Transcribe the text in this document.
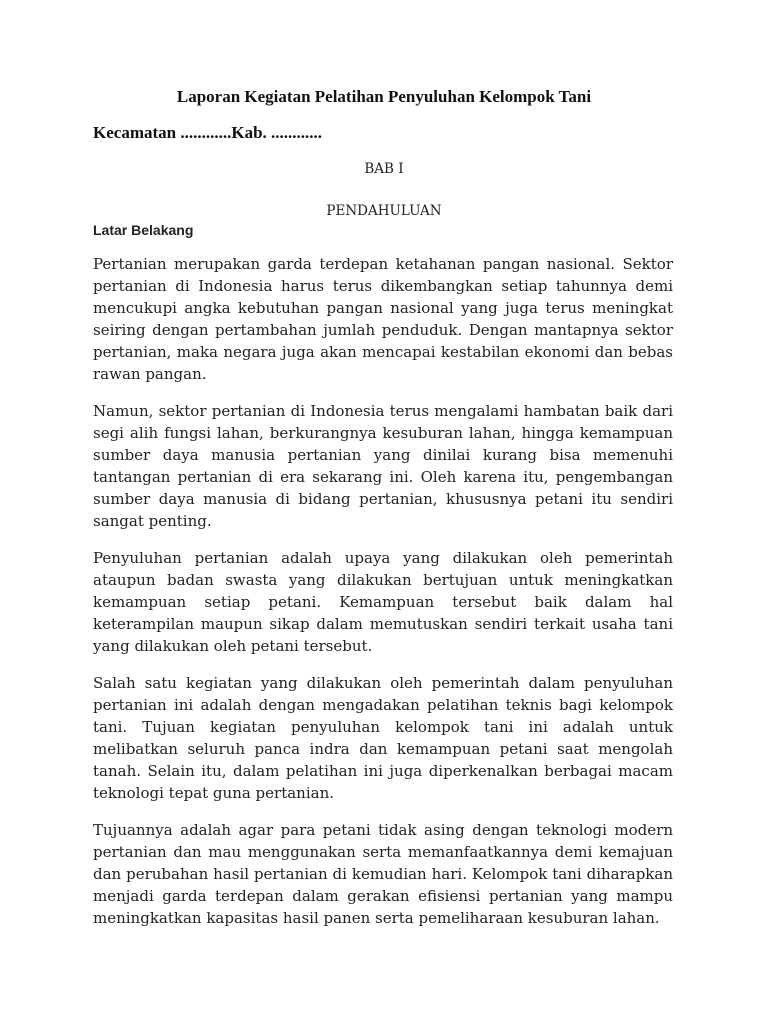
Laporan Kegiatan Pelatihan Penyuluhan Kelompok Tani
Kecamatan ............Kab. ............
BAB I
PENDAHULUAN
Latar Belakang

Pertanian merupakan garda terdepan ketahanan pangan nasional. Sektor pertanian di Indonesia harus terus dikembangkan setiap tahunnya demi mencukupi angka kebutuhan pangan nasional yang juga terus meningkat seiring dengan pertambahan jumlah penduduk. Dengan mantapnya sektor pertanian, maka negara juga akan mencapai kestabilan ekonomi dan bebas rawan pangan.

Namun, sektor pertanian di Indonesia terus mengalami hambatan baik dari segi alih fungsi lahan, berkurangnya kesuburan lahan, hingga kemampuan sumber daya manusia pertanian yang dinilai kurang bisa memenuhi tantangan pertanian di era sekarang ini. Oleh karena itu, pengembangan sumber daya manusia di bidang pertanian, khususnya petani itu sendiri sangat penting.

Penyuluhan pertanian adalah upaya yang dilakukan oleh pemerintah ataupun badan swasta yang dilakukan bertujuan untuk meningkatkan kemampuan setiap petani. Kemampuan tersebut baik dalam hal keterampilan maupun sikap dalam memutuskan sendiri terkait usaha tani yang dilakukan oleh petani tersebut.

Salah satu kegiatan yang dilakukan oleh pemerintah dalam penyuluhan pertanian ini adalah dengan mengadakan pelatihan teknis bagi kelompok tani. Tujuan kegiatan penyuluhan kelompok tani ini adalah untuk melibatkan seluruh panca indra dan kemampuan petani saat mengolah tanah. Selain itu, dalam pelatihan ini juga diperkenalkan berbagai macam teknologi tepat guna pertanian.

Tujuannya adalah agar para petani tidak asing dengan teknologi modern pertanian dan mau menggunakan serta memanfaatkannya demi kemajuan dan perubahan hasil pertanian di kemudian hari. Kelompok tani diharapkan menjadi garda terdepan dalam gerakan efisiensi pertanian yang mampu meningkatkan kapasitas hasil panen serta pemeliharaan kesuburan lahan.
